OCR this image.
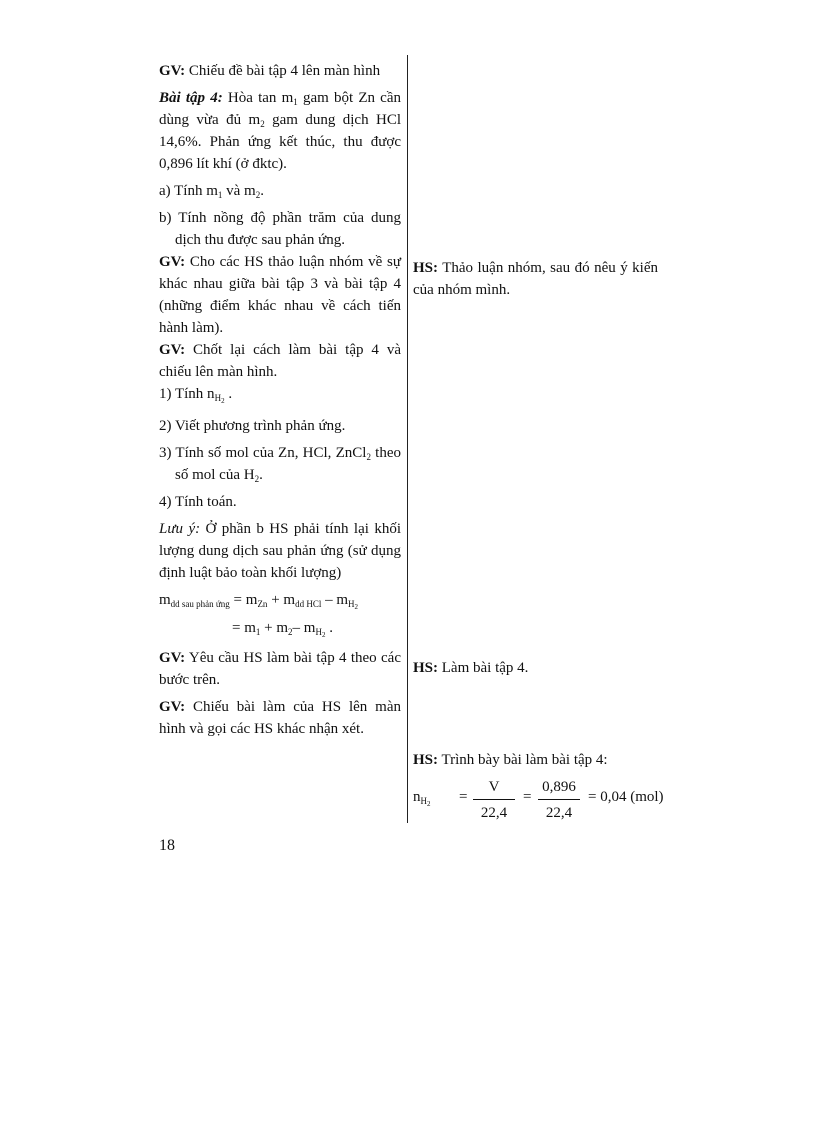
GV: Chiếu đề bài tập 4 lên màn hình
Bài tập 4: Hòa $\tan m_1$ gam bột Zn cần dùng vừa đủ $m_2$ gam dung dịch HCl 14,6%. Phản ứng kết thúc, thu được 0,896 lít khí (ở đktc).
a) Tính $m_1$ và $m_2$.
b) Tính nồng độ phần trăm của dung dịch thu được sau phản ứng.
GV: Cho các HS thảo luận nhóm về sự khác nhau giữa bài tập 3 và bài tập 4 (những điểm khác nhau về cách tiến hành làm).
GV: Chốt lại cách làm bài tập 4 và chiếu lên màn hình.
1) Tính $n_{H_2}$ .
2) Viết phương trình phản ứng.
3) Tính số mol của Zn, HCl, ZnCl$_2$ theo số mol của $H_2$.
4) Tính toán.
Lưu ý: Ở phần b HS phải tính lại khối lượng dung dịch sau phản ứng (sử dụng định luật bảo toàn khối lượng)
$m_{dd sau phản ứng} = m_{Zn} + m_{dd HCl} - m_{H_2}$
= $m_1 + m_2-$ $m_{H_2}$ .
GV: Yêu cầu HS làm bài tập 4 theo các bước trên.
GV: Chiếu bài làm của HS lên màn hình và gọi các HS khác nhận xét.
HS: Thảo luận nhóm, sau đó nêu ý kiến của nhóm mình.
HS: Làm bài tập 4.
HS: Trình bày bài làm bài tập 4:
$n_{H_2}$ =
V
22,4
=
0,896
22,4
= 0,04 (mol)
18
